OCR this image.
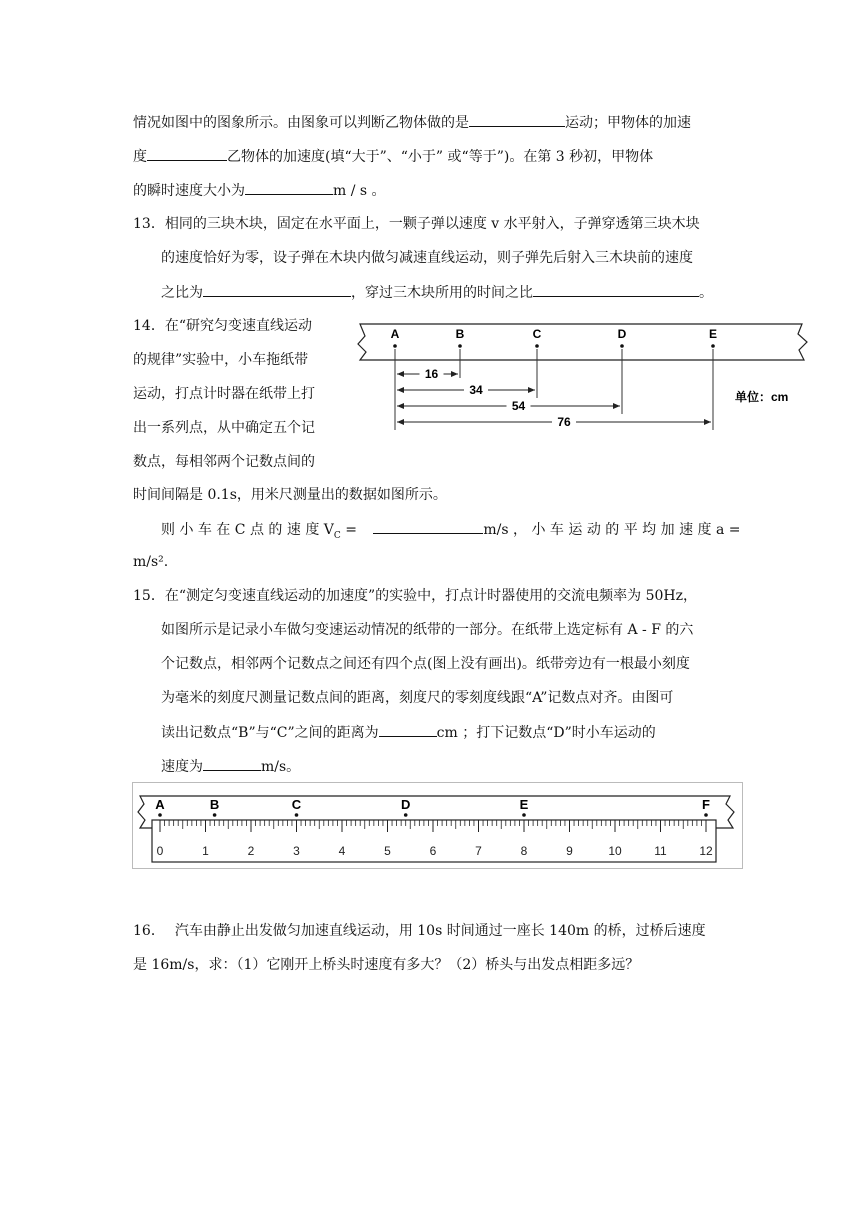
情况如图中的图象所示。由图象可以判断乙物体做的是	运动；甲物体的加速
度	乙物体的加速度(填“大于”、“小于” 或“等于”)。在第 3 秒初，甲物体
的瞬时速度大小为	m / s 。
13．相同的三块木块，固定在水平面上，一颗子弹以速度 v 水平射入，子弹穿透第三块木块
的速度恰好为零，设子弹在木块内做匀减速直线运动，则子弹先后射入三木块前的速度
之比为	，穿过三木块所用的时间之比	。
14．在“研究匀变速直线运动
的规律”实验中，小车拖纸带
运动，打点计时器在纸带上打
出一系列点，从中确定五个记
数点，每相邻两个记数点间的
时间间隔是 0.1s，用米尺测量出的数据如图所示。
则 小 车 在 C 点 的 速 度 $V_C$ =	m/s ， 小 车 运 动 的 平 均 加 速 度 a =
m/s².
A	B	C	D	E
16
34
54
76
单位：cm
15．在“测定匀变速直线运动的加速度”的实验中，打点计时器使用的交流电频率为 50Hz，
如图所示是记录小车做匀变速运动情况的纸带的一部分。在纸带上选定标有 A - F 的六
个记数点，相邻两个记数点之间还有四个点(图上没有画出)。纸带旁边有一根最小刻度
为毫米的刻度尺测量记数点间的距离，刻度尺的零刻度线跟“A”记数点对齐。由图可
读出记数点“B”与“C”之间的距离为	cm ；打下记数点“D”时小车运动的
速度为	m/s。
0	1	2	3	4	5	6	7	8	9	10	11	12
A	B	C	D	E	F
16． 汽车由静止出发做匀加速直线运动，用 10s 时间通过一座长 140m 的桥，过桥后速度
是 16m/s，求：（1）它刚开上桥头时速度有多大？（2）桥头与出发点相距多远？
